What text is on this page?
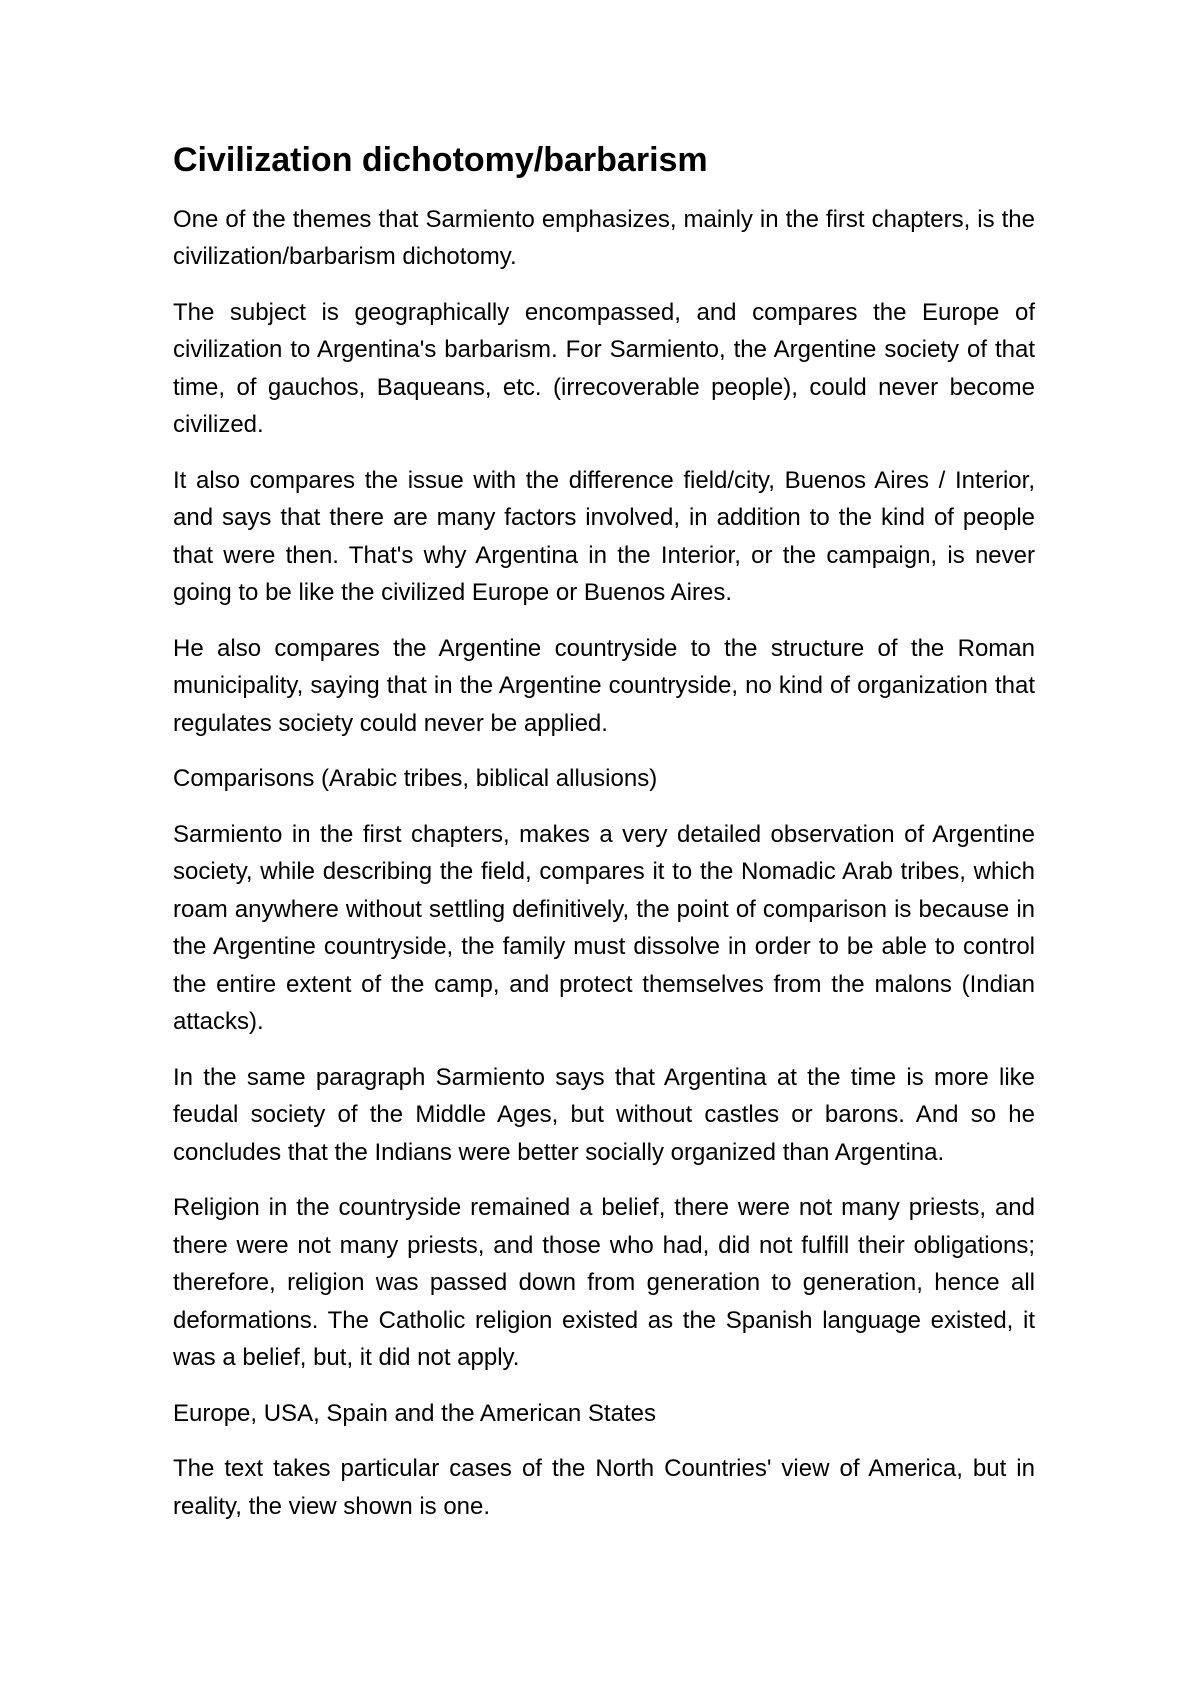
Civilization dichotomy/barbarism

One of the themes that Sarmiento emphasizes, mainly in the first chapters, is the civilization/barbarism dichotomy.

The subject is geographically encompassed, and compares the Europe of civilization to Argentina's barbarism. For Sarmiento, the Argentine society of that time, of gauchos, Baqueans, etc. (irrecoverable people), could never become civilized.

It also compares the issue with the difference field/city, Buenos Aires / Interior, and says that there are many factors involved, in addition to the kind of people that were then. That's why Argentina in the Interior, or the campaign, is never going to be like the civilized Europe or Buenos Aires.

He also compares the Argentine countryside to the structure of the Roman municipality, saying that in the Argentine countryside, no kind of organization that regulates society could never be applied.

Comparisons (Arabic tribes, biblical allusions)

Sarmiento in the first chapters, makes a very detailed observation of Argentine society, while describing the field, compares it to the Nomadic Arab tribes, which roam anywhere without settling definitively, the point of comparison is because in the Argentine countryside, the family must dissolve in order to be able to control the entire extent of the camp, and protect themselves from the malons (Indian attacks).

In the same paragraph Sarmiento says that Argentina at the time is more like feudal society of the Middle Ages, but without castles or barons. And so he concludes that the Indians were better socially organized than Argentina.

Religion in the countryside remained a belief, there were not many priests, and there were not many priests, and those who had, did not fulfill their obligations; therefore, religion was passed down from generation to generation, hence all deformations. The Catholic religion existed as the Spanish language existed, it was a belief, but, it did not apply.

Europe, USA, Spain and the American States

The text takes particular cases of the North Countries' view of America, but in reality, the view shown is one.
